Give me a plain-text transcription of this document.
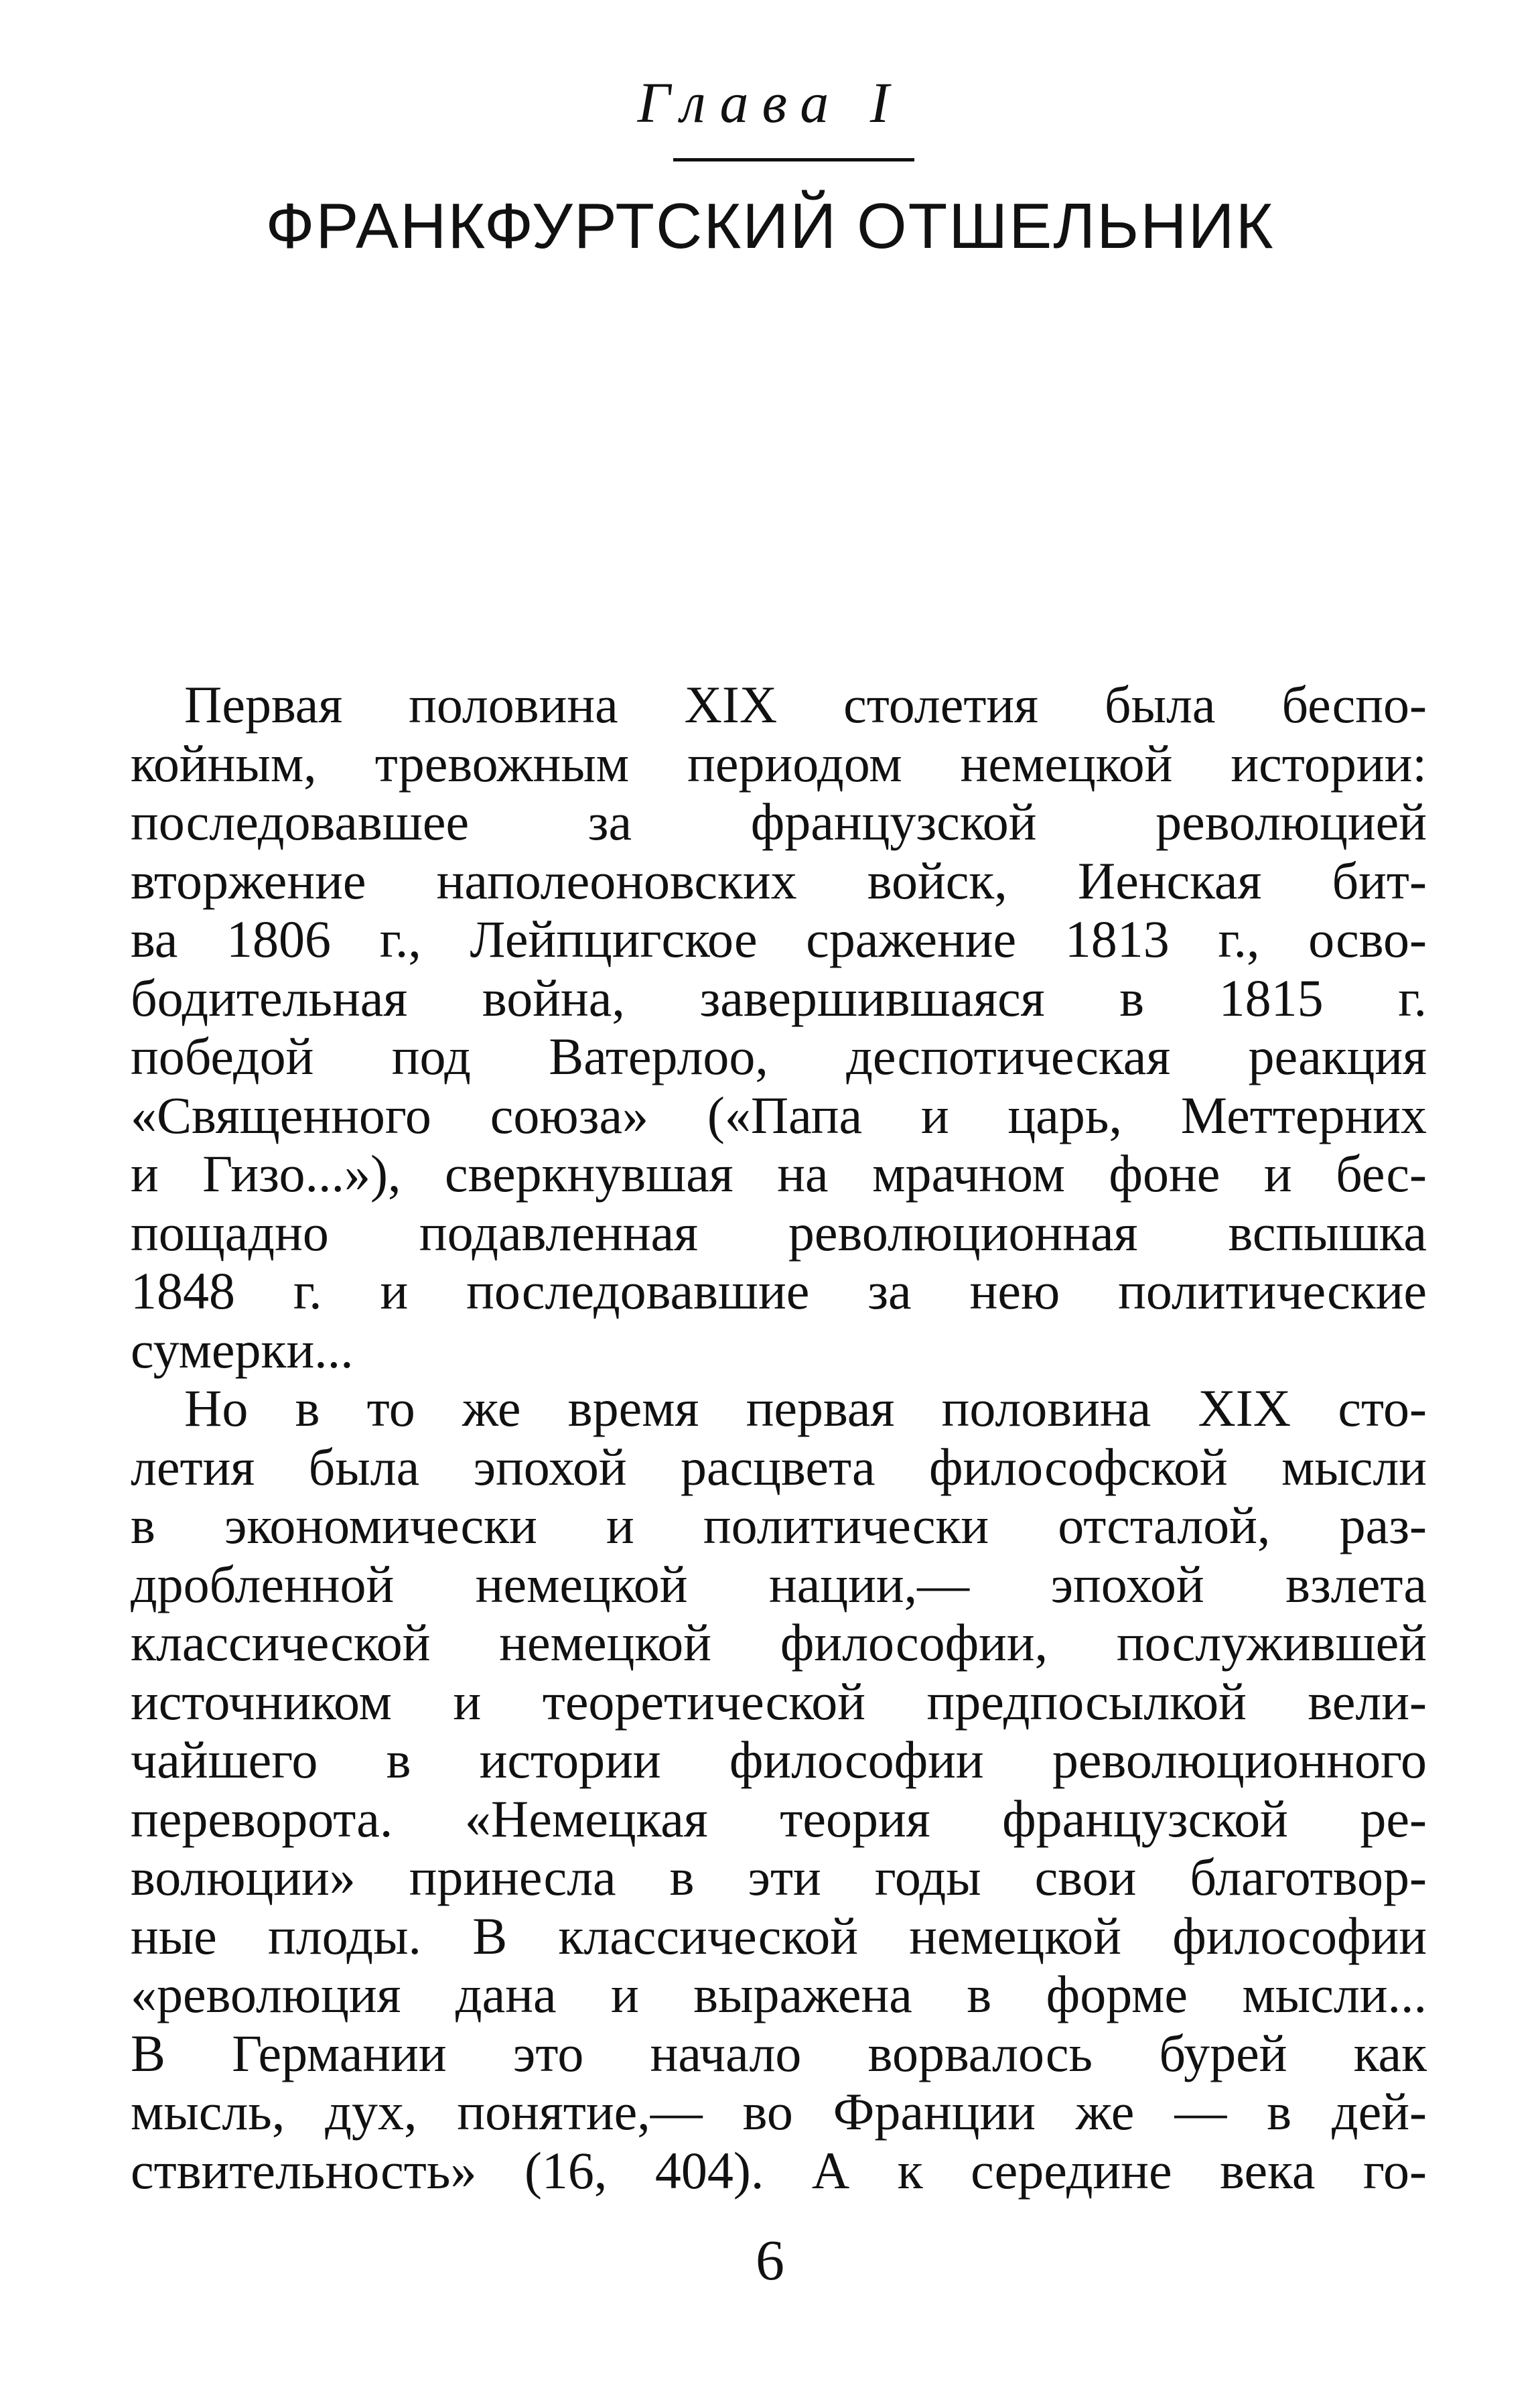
Глава I
ФРАНКФУРТСКИЙ ОТШЕЛЬНИК
Первая половина XIX столетия была беспо-
койным, тревожным периодом немецкой истории:
последовавшее за французской революцией
вторжение наполеоновских войск, Иенская бит-
ва 1806 г., Лейпцигское сражение 1813 г., осво-
бодительная война, завершившаяся в 1815 г.
победой под Ватерлоо, деспотическая реакция
«Священного союза» («Папа и царь, Меттерних
и Гизо...»), сверкнувшая на мрачном фоне и бес-
пощадно подавленная революционная вспышка
1848 г. и последовавшие за нею политические
сумерки...
Но в то же время первая половина XIX сто-
летия была эпохой расцвета философской мысли
в экономически и политически отсталой, раз-
дробленной немецкой нации,— эпохой взлета
классической немецкой философии, послужившей
источником и теоретической предпосылкой вели-
чайшего в истории философии революционного
переворота. «Немецкая теория французской ре-
волюции» принесла в эти годы свои благотвор-
ные плоды. В классической немецкой философии
«революция дана и выражена в форме мысли...
В Германии это начало ворвалось бурей как
мысль, дух, понятие,— во Франции же — в дей-
ствительность» (16, 404). А к середине века го-
6
